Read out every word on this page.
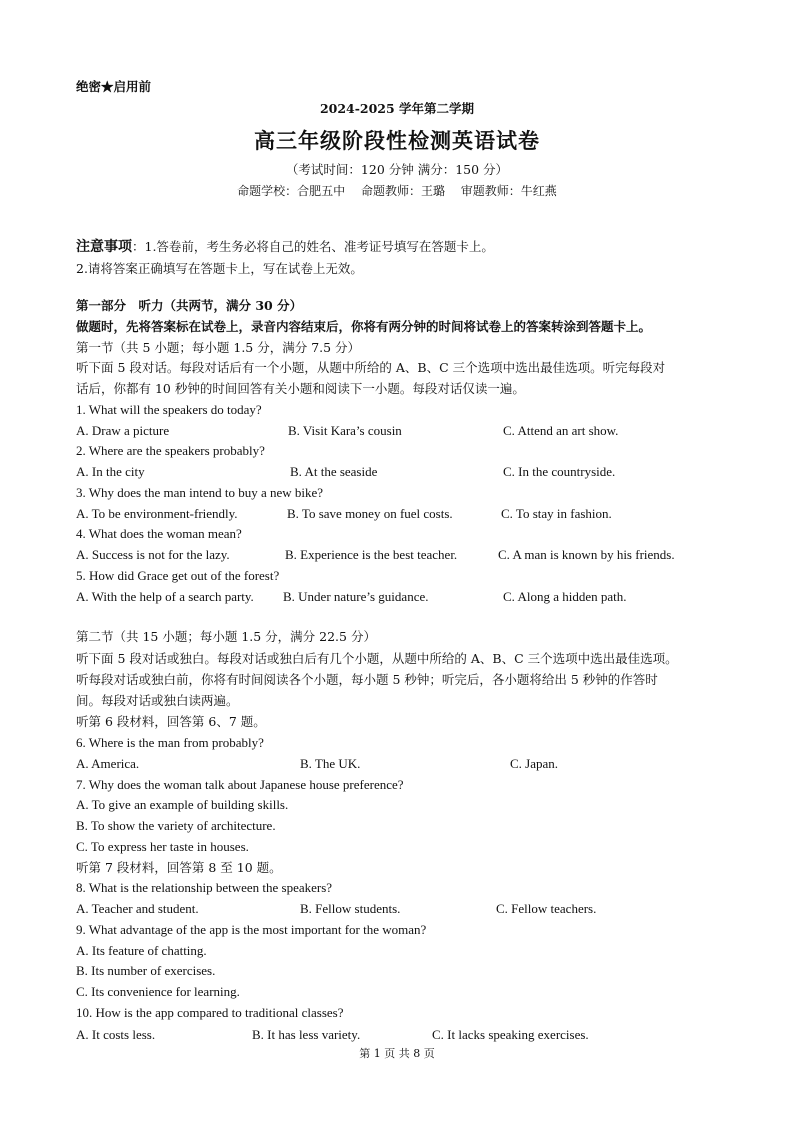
绝密★启用前
2024-2025 学年第二学期
高三年级阶段性检测英语试卷
（考试时间：120 分钟 满分：150 分）
命题学校：合肥五中　 命题教师：王璐　 审题教师：牛红燕
注意事项：1.答卷前，考生务必将自己的姓名、准考证号填写在答题卡上。
2.请将答案正确填写在答题卡上，写在试卷上无效。
第一部分　听力（共两节，满分 30 分）
做题时，先将答案标在试卷上，录音内容结束后，你将有两分钟的时间将试卷上的答案转涂到答题卡上。
第一节（共 5 小题；每小题 1.5 分，满分 7.5 分）
听下面 5 段对话。每段对话后有一个小题，从题中所给的 A、B、C 三个选项中选出最佳选项。听完每段对
话后，你都有 10 秒钟的时间回答有关小题和阅读下一小题。每段对话仅读一遍。
1. What will the speakers do today?
A. Draw a picture	B. Visit Kara’s cousin	C. Attend an art show.
2. Where are the speakers probably?
A. In the city	B. At the seaside	C. In the countryside.
3. Why does the man intend to buy a new bike?
A. To be environment-friendly.	B. To save money on fuel costs.	C. To stay in fashion.
4. What does the woman mean?
A. Success is not for the lazy.	B. Experience is the best teacher.	C. A man is known by his friends.
5. How did Grace get out of the forest?
A. With the help of a search party. B. Under nature’s guidance.	C. Along a hidden path.
第二节（共 15 小题；每小题 1.5 分，满分 22.5 分）
听下面 5 段对话或独白。每段对话或独白后有几个小题，从题中所给的 A、B、C 三个选项中选出最佳选项。
听每段对话或独白前，你将有时间阅读各个小题，每小题 5 秒钟；听完后，各小题将给出 5 秒钟的作答时
间。每段对话或独白读两遍。
听第 6 段材料，回答第 6、7 题。
6. Where is the man from probably?
A. America.	B. The UK.	C. Japan.
7. Why does the woman talk about Japanese house preference?
A. To give an example of building skills.
B. To show the variety of architecture.
C. To express her taste in houses.
听第 7 段材料，回答第 8 至 10 题。
8. What is the relationship between the speakers?
A. Teacher and student.	B. Fellow students.	C. Fellow teachers.
9. What advantage of the app is the most important for the woman?
A. Its feature of chatting.
B. Its number of exercises.
C. Its convenience for learning.
10. How is the app compared to traditional classes?
A. It costs less.	B. It has less variety.	C. It lacks speaking exercises.
第 1 页 共 8 页
